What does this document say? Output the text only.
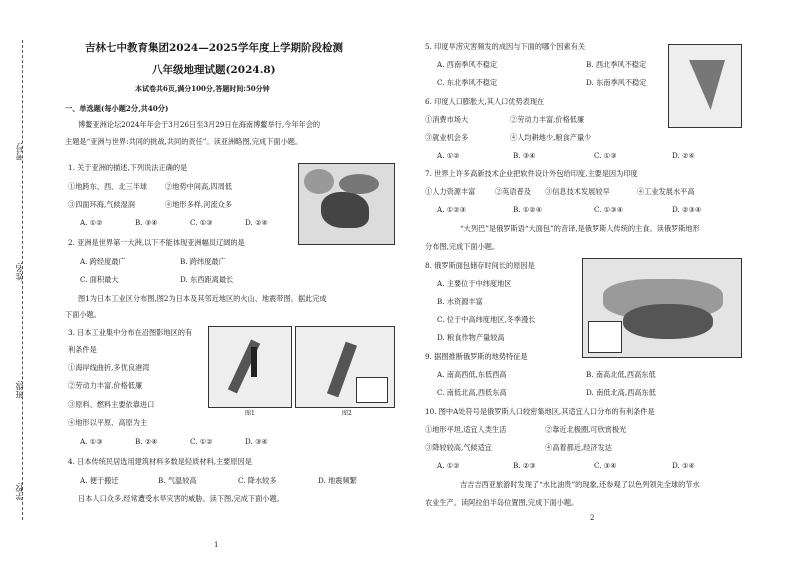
考号:
姓名:
班级:
学校:
吉林七中教育集团2024—2025学年度上学期阶段检测
八年级地理试题(2024.8)
本试卷共6页,满分100分,答题时间:50分钟
一、单选题(每小题2分,共40分)
博鳌亚洲论坛2024年年会于3月26日至3月29日在海南博鳌举行,今年年会的
主题是“亚洲与世界:共同的挑战,共同的责任”。读亚洲略图,完成下面小题。
1. 关于亚洲的描述,下列说法正确的是
①地跨东、西、北三半球 ②地势中间高,四周低
③四面环海,气候湿润	④地形多样,河流众多
A. ①②	B. ③④	C. ①③	D. ②④
2. 亚洲是世界第一大洲,以下不能体现亚洲幅员辽阔的是
A. 跨经度最广	B. 跨纬度最广
C. 面积最大	D. 东西距离最长
图1为日本工业区分布图,图2为日本及其邻近地区的火山、地震带图。据此完成
下面小题。
3. 日本工业集中分布在沿图影地区的有
利条件是
①海岸线曲折,多优良港湾
②劳动力丰富,价格低廉
③原料、燃料主要依靠进口
④地形以平原、高原为主
A. ①③	B. ②④	C. ①②	D. ③④
图1	图2
4. 日本传统民居选用建筑材料多数是轻质材料,主要原因是
A. 便于搬迁	B. 气温较高	C. 降水较多	D. 地震频繁
日本人口众多,经常遭受水旱灾害的威胁。读下图,完成下面小题。
1
5. 印度旱涝灾害频发的成因与下面的哪个因素有关
A. 西南季风不稳定	B. 西北季风不稳定
C. 东北季风不稳定	D. 东南季风不稳定
6. 印度人口膨胀大,其人口优势表现在
①消费市场大	②劳动力丰富,价格低廉
③就业机会多	④人均耕地少,粮食产量少
A. ①②	B. ③④	C. ①③	D. ②④
7. 世界上许多高新技术企业把软件设计外包给印度,主要是因为印度
①人力资源丰富	②英语普及 ③信息技术发展较早	④工业发展水平高
A. ①②③	B. ①②④	C. ①③④	D. ②③④
“大列巴”是俄罗斯语“大面包”的音译,是俄罗斯人传统的主食。读俄罗斯地形
分布图,完成下面小题。
8. 俄罗斯面包储存时间长的原因是
A. 主要位于中纬度地区
B. 水资源丰富
C. 位于中高纬度地区,冬季漫长
D. 粮食作物产量较高
9. 据图推断俄罗斯的地势特征是
A. 南高西低,东低西高	B. 南高北低,西高东低
C. 南低北高,西低东高	D. 南低北高,西高东低
10. 图中A处符号是俄罗斯人口较密集地区,其适宜人口分布的有利条件是
①地形平坦,适宜人类生活	②靠近北极圈,可欣赏极光
③降较较高,气候适宜	④高着都近,经济发达
A. ①②	B. ②③	C. ③④	D. ①④
吉吉吉西亚旅游时发现了“水比油贵”的现象,还参观了以色列领先全球的节水
农业生产。读阿拉伯半岛位置图,完成下面小题。
2
